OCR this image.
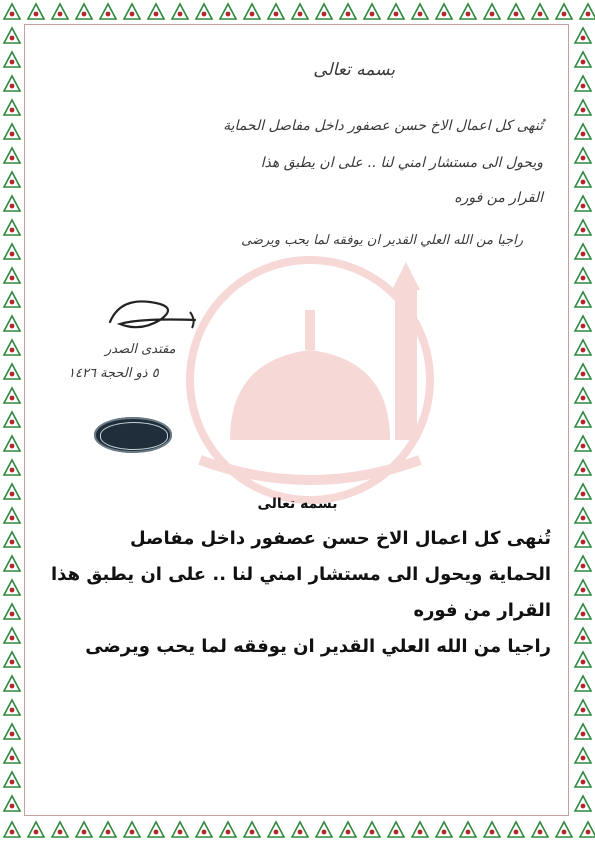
بسمه تعالى
تُنهى كل اعمال الاخ حسن عصفور داخل مفاصل الحماية
ويحول الى مستشار امني لنا .. على ان يطبق هذا
القرار من فوره
راجيا من الله العلي القدير ان يوفقه لما يحب ويرضى
مقتدى الصدر
٥ ذو الحجة ١٤٢٦
بسمه تعالى
تُنهى كل اعمال الاخ حسن عصفور داخل مفاصل
الحماية ويحول الى مستشار امني لنا .. على ان يطبق هذا
القرار من فوره
راجيا من الله العلي القدير ان يوفقه لما يحب ويرضى
